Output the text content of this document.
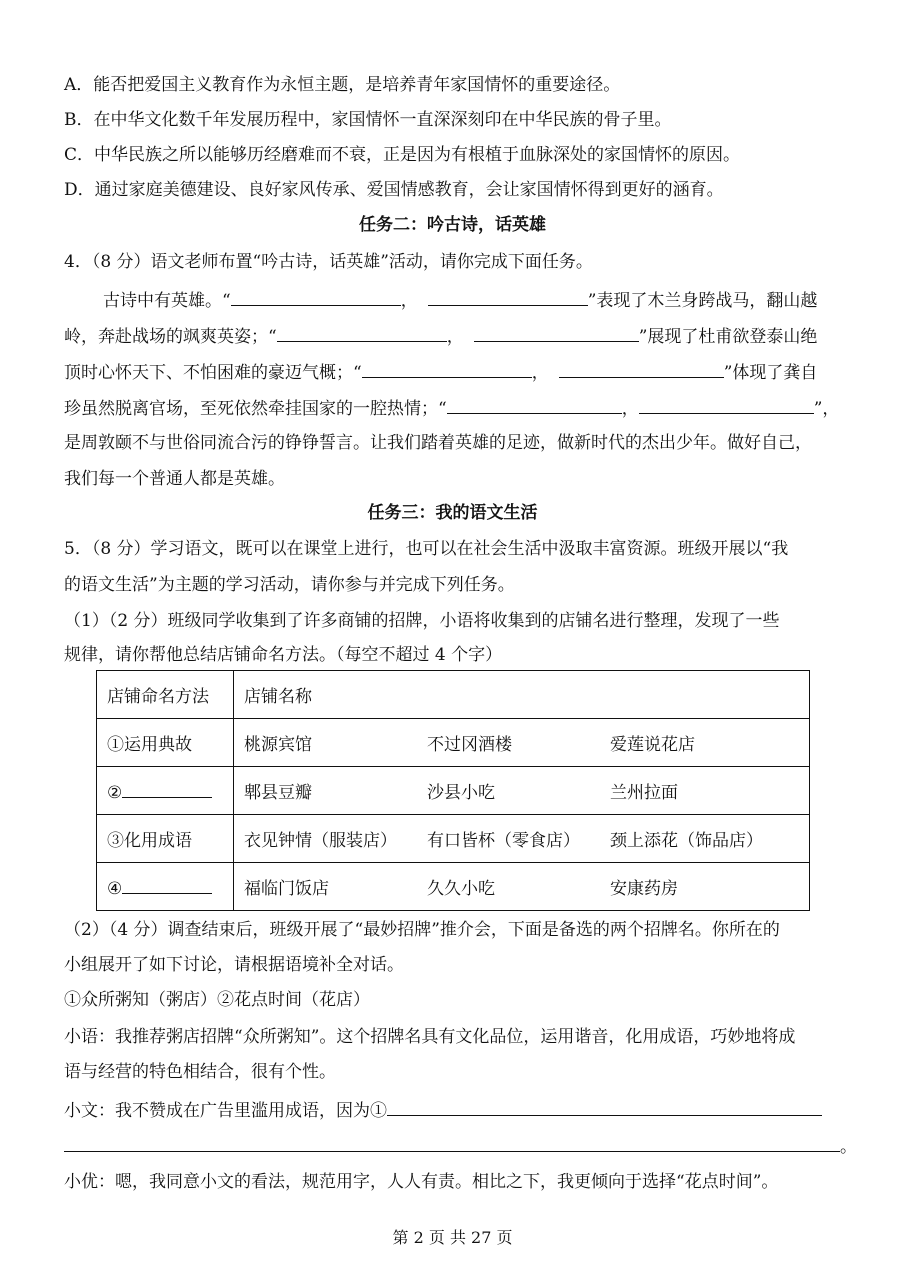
A．能否把爱国主义教育作为永恒主题，是培养青年家国情怀的重要途径。
B．在中华文化数千年发展历程中，家国情怀一直深深刻印在中华民族的骨子里。
C．中华民族之所以能够历经磨难而不衰，正是因为有根植于血脉深处的家国情怀的原因。
D．通过家庭美德建设、良好家风传承、爱国情感教育，会让家国情怀得到更好的涵育。
任务二：吟古诗，话英雄
4．（8 分）语文老师布置“吟古诗，话英雄”活动，请你完成下面任务。
古诗中有英雄。“	，	”表现了木兰身跨战马，翻山越
岭，奔赴战场的飒爽英姿；“	，	”展现了杜甫欲登泰山绝
顶时心怀天下、不怕困难的豪迈气概；“	，	”体现了龚自
珍虽然脱离官场，至死依然牵挂国家的一腔热情；“	，	”，
是周敦颐不与世俗同流合污的铮铮誓言。让我们踏着英雄的足迹，做新时代的杰出少年。做好自己，
我们每一个普通人都是英雄。
任务三：我的语文生活
5．（8 分）学习语文，既可以在课堂上进行，也可以在社会生活中汲取丰富资源。班级开展以“我
的语文生活”为主题的学习活动，请你参与并完成下列任务。
（1）（2 分）班级同学收集到了许多商铺的招牌，小语将收集到的店铺名进行整理，发现了一些
规律，请你帮他总结店铺命名方法。（每空不超过 4 个字）
店铺命名方法	店铺名称		
①运用典故	桃源宾馆	不过冈酒楼	爱莲说花店
②	郫县豆瓣	沙县小吃	兰州拉面
③化用成语	衣见钟情（服装店）	有口皆杯（零食店）	颈上添花（饰品店）
④	福临门饭店	久久小吃	安康药房
（2）（4 分）调查结束后，班级开展了“最妙招牌”推介会，下面是备选的两个招牌名。你所在的
小组展开了如下讨论，请根据语境补全对话。
①众所粥知（粥店）②花点时间（花店）
小语：我推荐粥店招牌“众所粥知”。这个招牌名具有文化品位，运用谐音，化用成语，巧妙地将成
语与经营的特色相结合，很有个性。
小文：我不赞成在广告里滥用成语，因为①
。
小优：嗯，我同意小文的看法，规范用字，人人有责。相比之下，我更倾向于选择“花点时间”。
第 2 页 共 27 页
